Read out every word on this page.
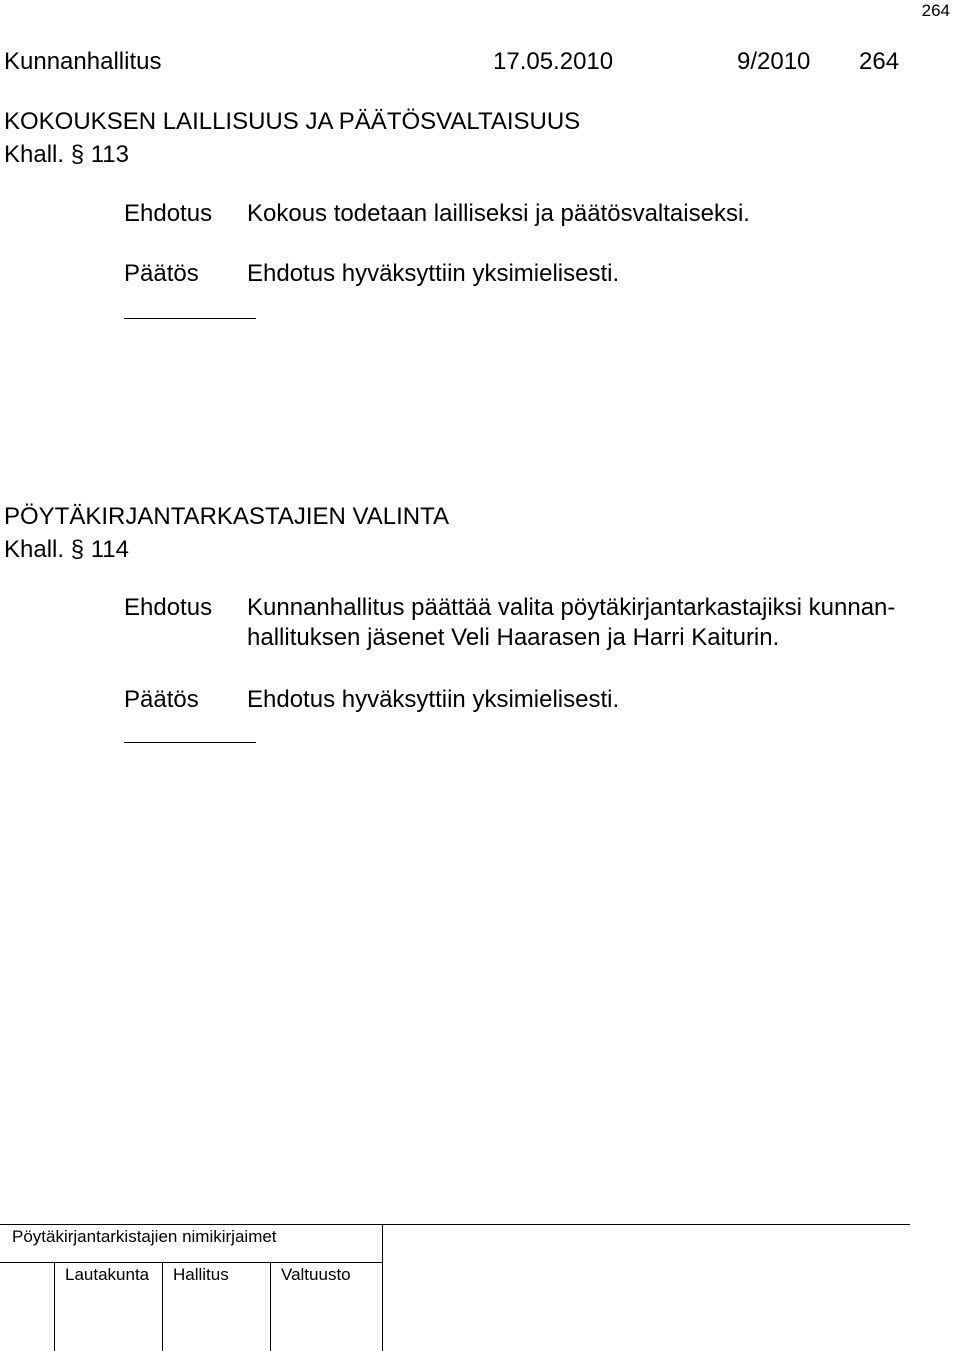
264
Kunnanhallitus	17.05.2010	9/2010 264
KOKOUKSEN LAILLISUUS JA PÄÄTÖSVALTAISUUS
Khall. § 113
Ehdotus Kokous todetaan lailliseksi ja päätösvaltaiseksi.
Päätös Ehdotus hyväksyttiin yksimielisesti.
PÖYTÄKIRJANTARKASTAJIEN VALINTA
Khall. § 114
Ehdotus Kunnanhallitus päättää valita pöytäkirjantarkastajiksi kunnan-
hallituksen jäsenet Veli Haarasen ja Harri Kaiturin.
Päätös Ehdotus hyväksyttiin yksimielisesti.
Pöytäkirjantarkistajien nimikirjaimet
Lautakunta Hallitus	Valtuusto
